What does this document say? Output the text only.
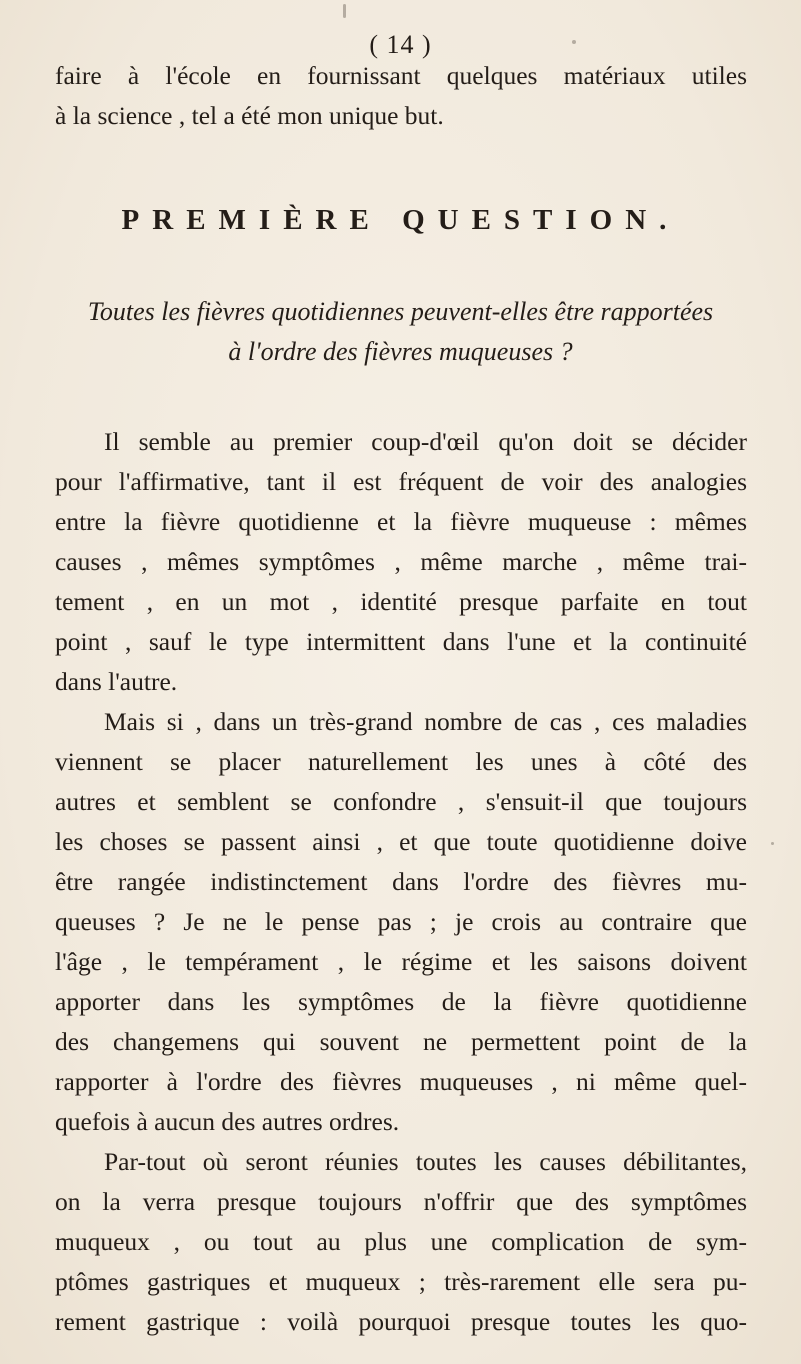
( 14 )

faire à l'école en fournissant quelques matériaux utiles

à la science , tel a été mon unique but.

PREMIÈRE QUESTION.

Toutes les fièvres quotidiennes peuvent-elles être rapportées

à l'ordre des fièvres muqueuses ?

Il semble au premier coup-d'œil qu'on doit se décider

pour l'affirmative, tant il est fréquent de voir des analogies

entre la fièvre quotidienne et la fièvre muqueuse : mêmes

causes , mêmes symptômes , même marche , même trai-

tement , en un mot , identité presque parfaite en tout

point , sauf le type intermittent dans l'une et la continuité

dans l'autre.

Mais si , dans un très-grand nombre de cas , ces maladies

viennent se placer naturellement les unes à côté des

autres et semblent se confondre , s'ensuit-il que toujours

les choses se passent ainsi , et que toute quotidienne doive

être rangée indistinctement dans l'ordre des fièvres mu-

queuses ? Je ne le pense pas ; je crois au contraire que

l'âge , le tempérament , le régime et les saisons doivent

apporter dans les symptômes de la fièvre quotidienne

des changemens qui souvent ne permettent point de la

rapporter à l'ordre des fièvres muqueuses , ni même quel-

quefois à aucun des autres ordres.

Par-tout où seront réunies toutes les causes débilitantes,

on la verra presque toujours n'offrir que des symptômes

muqueux , ou tout au plus une complication de sym-

ptômes gastriques et muqueux ; très-rarement elle sera pu-

rement gastrique : voilà pourquoi presque toutes les quo-
